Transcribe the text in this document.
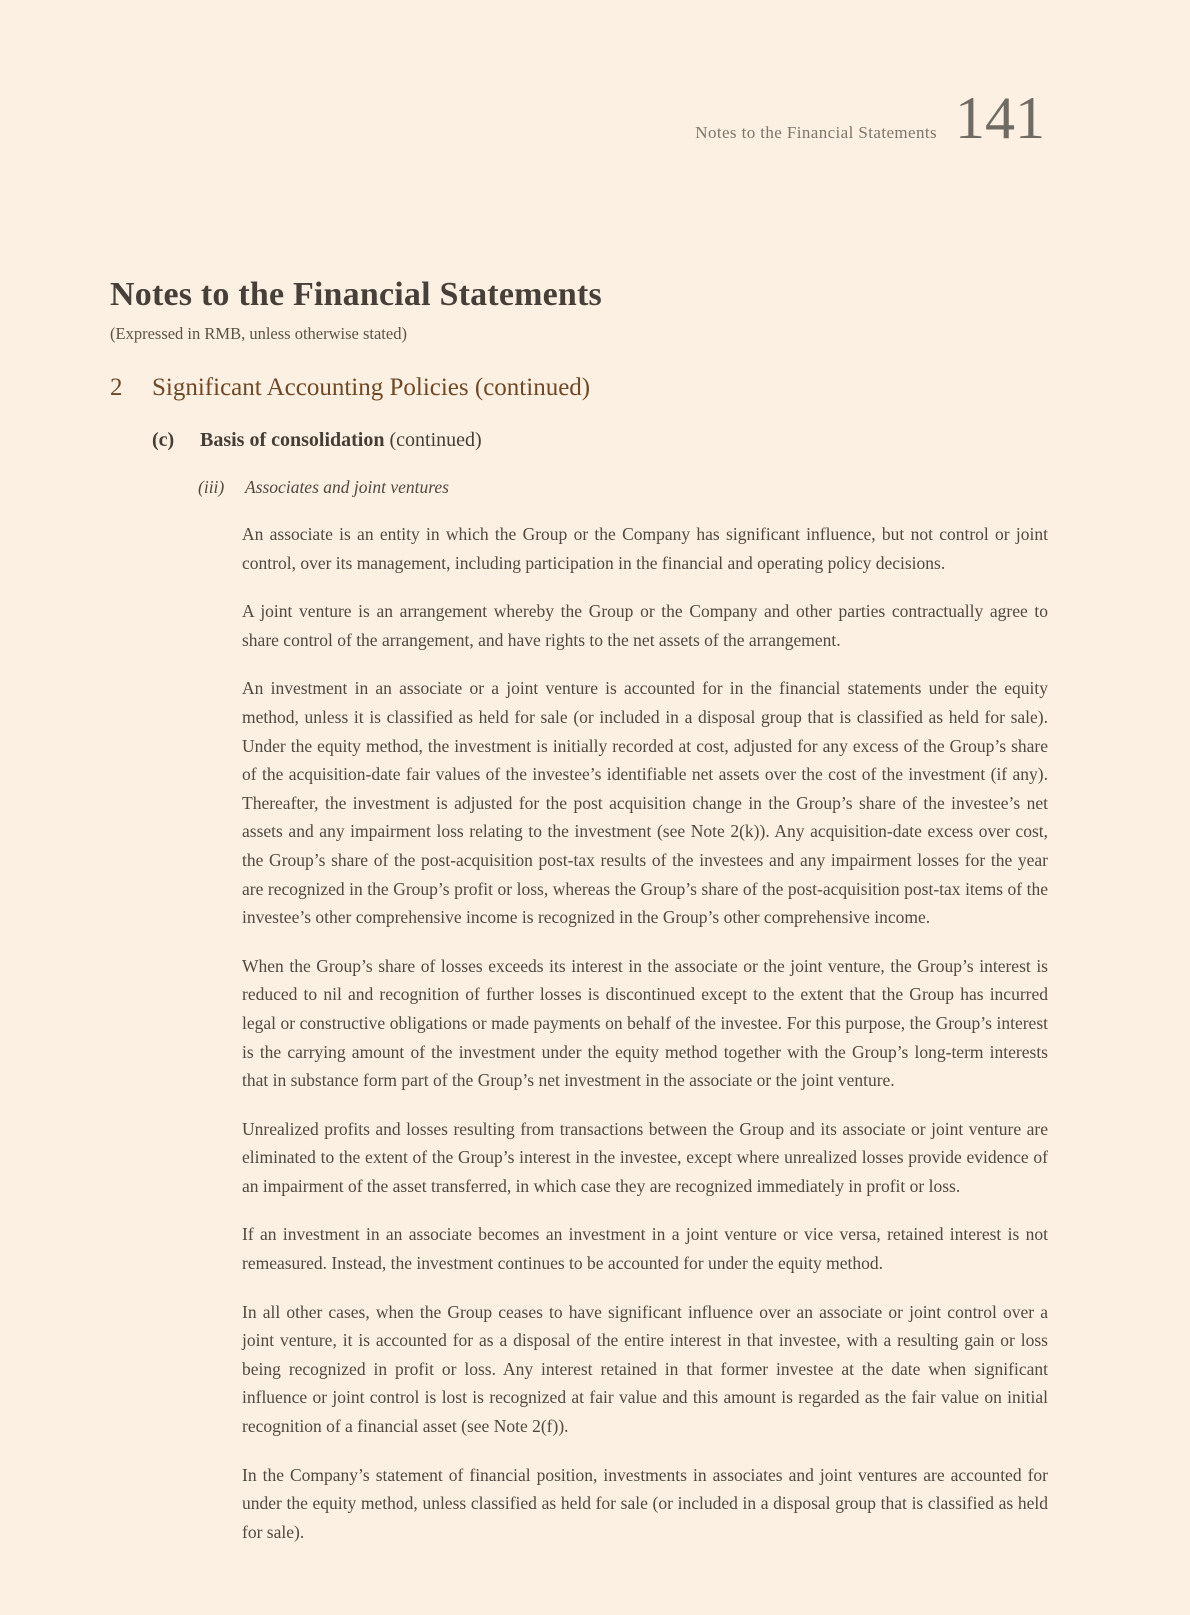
Notes to the Financial Statements 141
Notes to the Financial Statements
(Expressed in RMB, unless otherwise stated)
2	Significant Accounting Policies (continued)
(c)	Basis of consolidation (continued)
(iii)	Associates and joint ventures

An associate is an entity in which the Group or the Company has significant influence, but not control or joint control, over its management, including participation in the financial and operating policy decisions.

A joint venture is an arrangement whereby the Group or the Company and other parties contractually agree to share control of the arrangement, and have rights to the net assets of the arrangement.

An investment in an associate or a joint venture is accounted for in the financial statements under the equity method, unless it is classified as held for sale (or included in a disposal group that is classified as held for sale). Under the equity method, the investment is initially recorded at cost, adjusted for any excess of the Group’s share of the acquisition-date fair values of the investee’s identifiable net assets over the cost of the investment (if any). Thereafter, the investment is adjusted for the post acquisition change in the Group’s share of the investee’s net assets and any impairment loss relating to the investment (see Note 2(k)). Any acquisition-date excess over cost, the Group’s share of the post-acquisition post-tax results of the investees and any impairment losses for the year are recognized in the Group’s profit or loss, whereas the Group’s share of the post-acquisition post-tax items of the investee’s other comprehensive income is recognized in the Group’s other comprehensive income.

When the Group’s share of losses exceeds its interest in the associate or the joint venture, the Group’s interest is reduced to nil and recognition of further losses is discontinued except to the extent that the Group has incurred legal or constructive obligations or made payments on behalf of the investee. For this purpose, the Group’s interest is the carrying amount of the investment under the equity method together with the Group’s long-term interests that in substance form part of the Group’s net investment in the associate or the joint venture.

Unrealized profits and losses resulting from transactions between the Group and its associate or joint venture are eliminated to the extent of the Group’s interest in the investee, except where unrealized losses provide evidence of an impairment of the asset transferred, in which case they are recognized immediately in profit or loss.

If an investment in an associate becomes an investment in a joint venture or vice versa, retained interest is not remeasured. Instead, the investment continues to be accounted for under the equity method.

In all other cases, when the Group ceases to have significant influence over an associate or joint control over a joint venture, it is accounted for as a disposal of the entire interest in that investee, with a resulting gain or loss being recognized in profit or loss. Any interest retained in that former investee at the date when significant influence or joint control is lost is recognized at fair value and this amount is regarded as the fair value on initial recognition of a financial asset (see Note 2(f)).

In the Company’s statement of financial position, investments in associates and joint ventures are accounted for under the equity method, unless classified as held for sale (or included in a disposal group that is classified as held for sale).
